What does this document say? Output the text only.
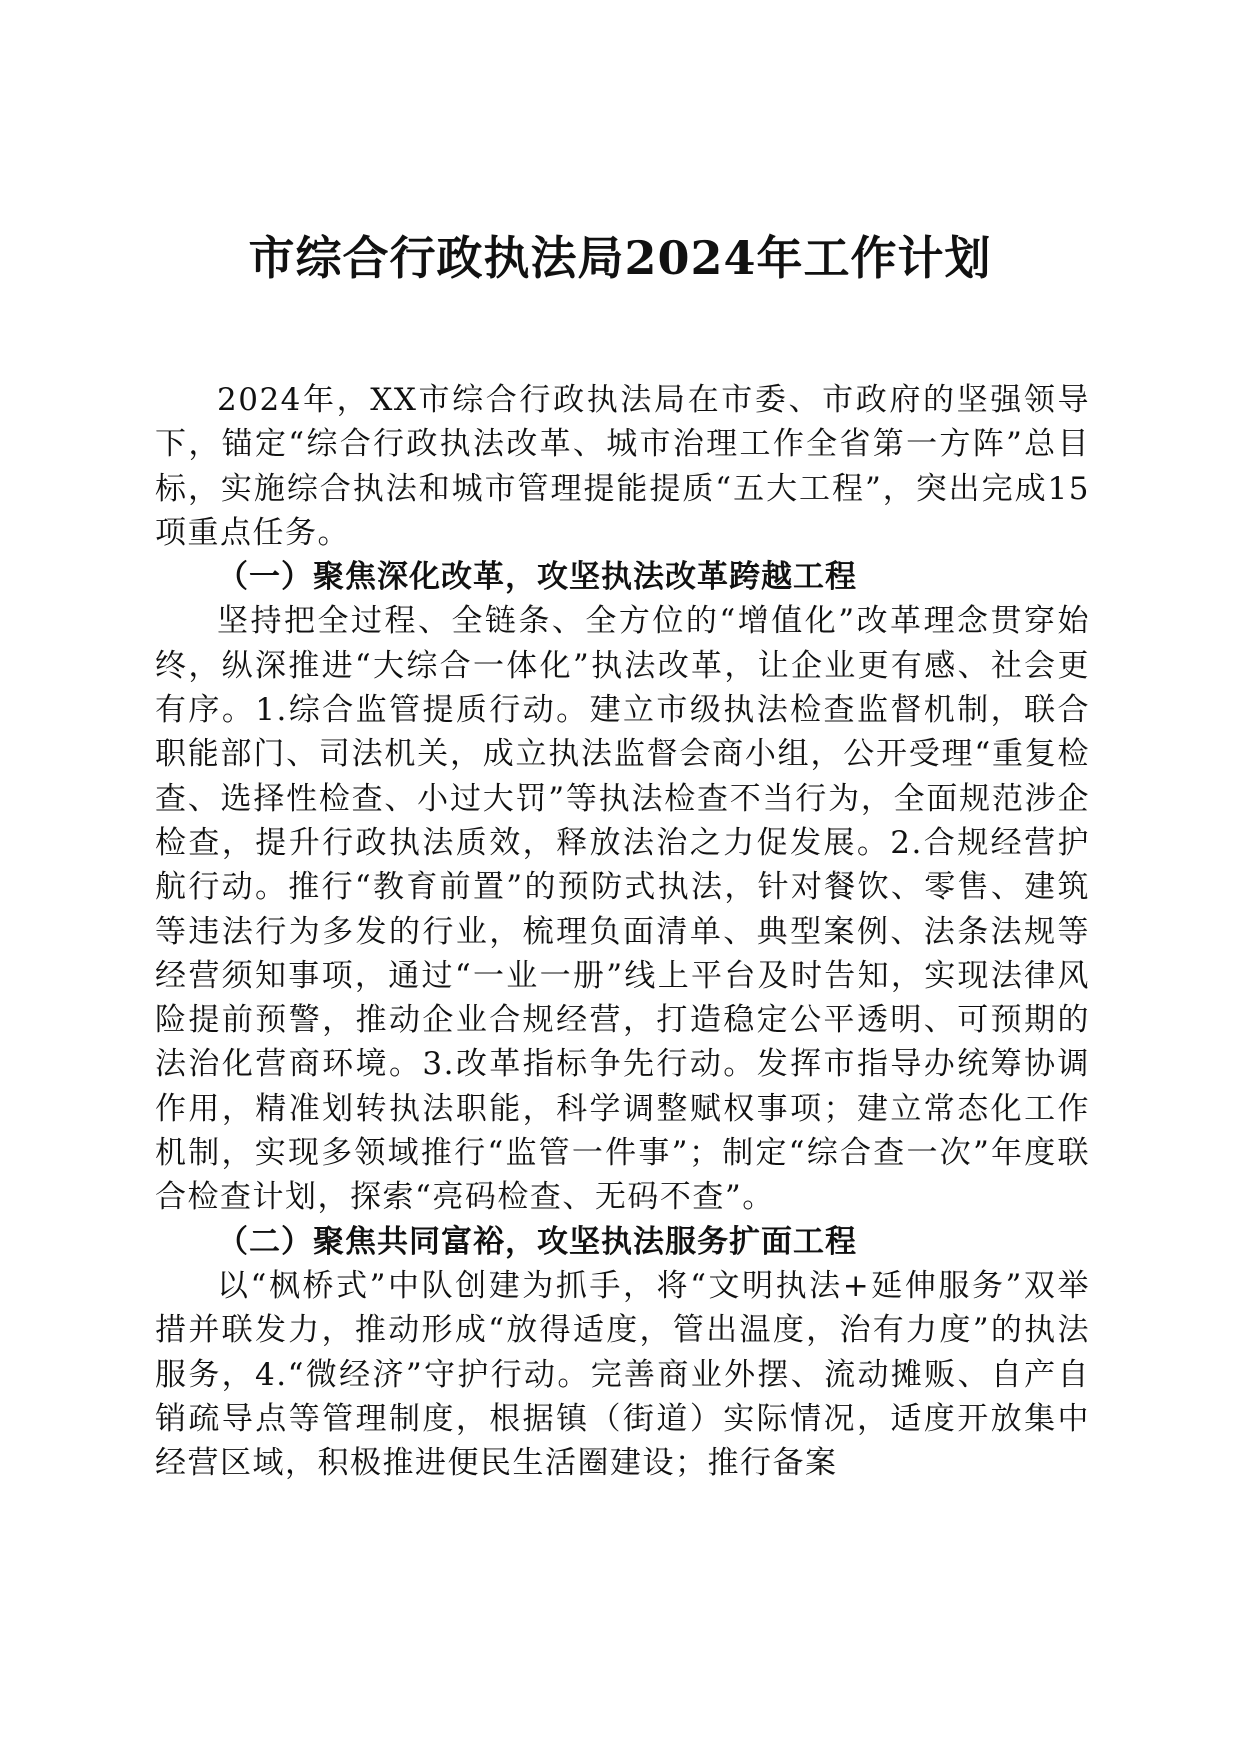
市综合行政执法局2024年工作计划

2024年，XX市综合行政执法局在市委、市政府的坚强领导下，锚定“综合行政执法改革、城市治理工作全省第一方阵”总目标，实施综合执法和城市管理提能提质“五大工程”，突出完成15项重点任务。

（一）聚焦深化改革，攻坚执法改革跨越工程

坚持把全过程、全链条、全方位的“增值化”改革理念贯穿始终，纵深推进“大综合一体化”执法改革，让企业更有感、社会更有序。1.综合监管提质行动。建立市级执法检查监督机制，联合职能部门、司法机关，成立执法监督会商小组，公开受理“重复检查、选择性检查、小过大罚”等执法检查不当行为，全面规范涉企检查，提升行政执法质效，释放法治之力促发展。2.合规经营护航行动。推行“教育前置”的预防式执法，针对餐饮、零售、建筑等违法行为多发的行业，梳理负面清单、典型案例、法条法规等经营须知事项，通过“一业一册”线上平台及时告知，实现法律风险提前预警，推动企业合规经营，打造稳定公平透明、可预期的法治化营商环境。3.改革指标争先行动。发挥市指导办统筹协调作用，精准划转执法职能，科学调整赋权事项；建立常态化工作机制，实现多领域推行“监管一件事”；制定“综合查一次”年度联合检查计划，探索“亮码检查、无码不查”。

（二）聚焦共同富裕，攻坚执法服务扩面工程

以“枫桥式”中队创建为抓手，将“文明执法+延伸服务”双举措并联发力，推动形成“放得适度，管出温度，治有力度”的执法服务，4.“微经济”守护行动。完善商业外摆、流动摊贩、自产自销疏导点等管理制度，根据镇（街道）实际情况，适度开放集中经营区域，积极推进便民生活圈建设；推行备案
